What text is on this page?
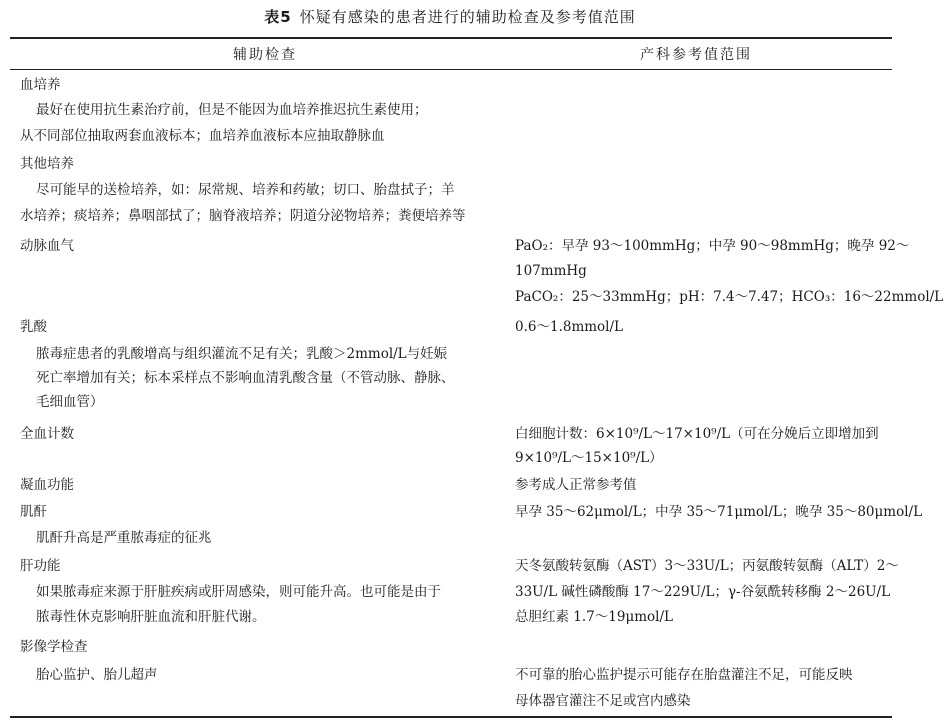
表5 怀疑有感染的患者进行的辅助检查及参考值范围
辅助检查	产科参考值范围
血培养
最好在使用抗生素治疗前，但是不能因为血培养推迟抗生素使用；
从不同部位抽取两套血液标本；血培养血液标本应抽取静脉血
其他培养
尽可能早的送检培养，如：尿常规、培养和药敏；切口、胎盘拭子；羊
水培养；痰培养；鼻咽部拭了；脑脊液培养；阴道分泌物培养；粪便培养等
动脉血气	PaO₂：早孕 93～100mmHg；中孕 90～98mmHg；晚孕 92～
107mmHg
PaCO₂：25～33mmHg；pH：7.4～7.47；HCO₃：16～22mmol/L
乳酸	0.6～1.8mmol/L
脓毒症患者的乳酸增高与组织灌流不足有关；乳酸＞2mmol/L与妊娠
死亡率增加有关；标本采样点不影响血清乳酸含量（不管动脉、静脉、
毛细血管）
全血计数	白细胞计数：6×10⁹/L～17×10⁹/L（可在分娩后立即增加到
9×10⁹/L～15×10⁹/L）
凝血功能	参考成人正常参考值
肌酐	早孕 35～62μmol/L；中孕 35～71μmol/L；晚孕 35～80μmol/L
肌酐升高是严重脓毒症的征兆
肝功能	天冬氨酸转氨酶（AST）3～33U/L；丙氨酸转氨酶（ALT）2～
如果脓毒症来源于肝脏疾病或肝周感染，则可能升高。也可能是由于	33U/L 碱性磷酸酶 17～229U/L；γ-谷氨酰转移酶 2～26U/L
脓毒性休克影响肝脏血流和肝脏代谢。	总胆红素 1.7～19μmol/L
影像学检查
胎心监护、胎儿超声	不可靠的胎心监护提示可能存在胎盘灌注不足，可能反映
母体器官灌注不足或宫内感染
